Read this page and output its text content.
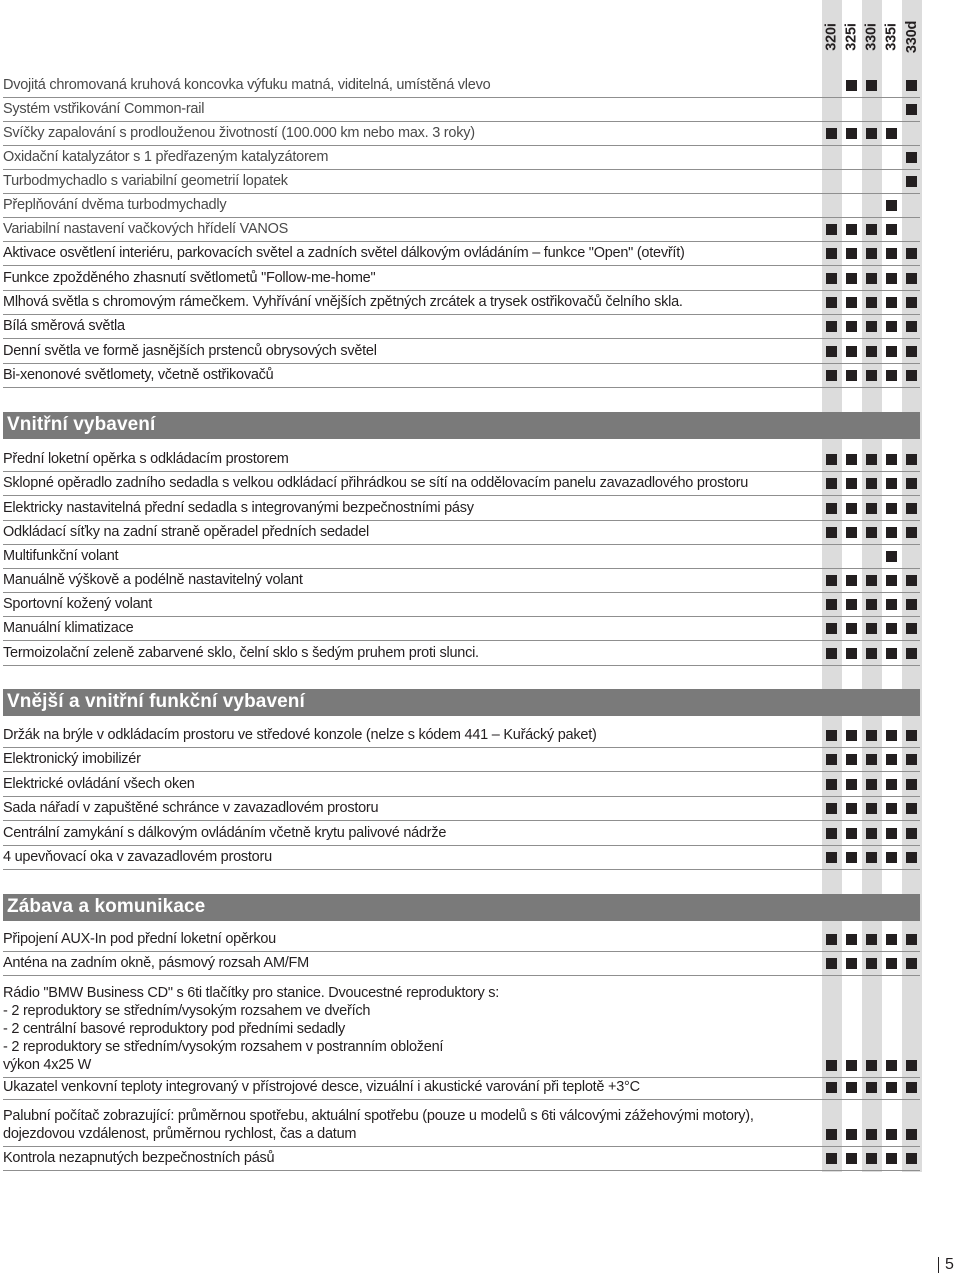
320i 325i 330i 335i 330d
Dvojitá chromovaná kruhová koncovka výfuku matná, viditelná, umístěná vlevo
Systém vstřikování Common-rail
Svíčky zapalování s prodlouženou životností (100.000 km nebo max. 3 roky)
Oxidační katalyzátor s 1 předřazeným katalyzátorem
Turbodmychadlo s variabilní geometrií lopatek
Přeplňování dvěma turbodmychadly
Variabilní nastavení vačkových hřídelí VANOS
Aktivace osvětlení interiéru, parkovacích světel a zadních světel dálkovým ovládáním – funkce "Open" (otevřít)
Funkce zpožděného zhasnutí světlometů "Follow-me-home"
Mlhová světla s chromovým rámečkem. Vyhřívání vnějších zpětných zrcátek a trysek ostřikovačů čelního skla.
Bílá směrová světla
Denní světla ve formě jasnějších prstenců obrysových světel
Bi-xenonové světlomety, včetně ostřikovačů
Vnitřní vybavení
Přední loketní opěrka s odkládacím prostorem
Sklopné opěradlo zadního sedadla s velkou odkládací přihrádkou se sítí na oddělovacím panelu zavazadlového prostoru
Elektricky nastavitelná přední sedadla s integrovanými bezpečnostními pásy
Odkládací síťky na zadní straně opěradel předních sedadel
Multifunkční volant
Manuálně výškově a podélně nastavitelný volant
Sportovní kožený volant
Manuální klimatizace
Termoizolační zeleně zabarvené sklo, čelní sklo s šedým pruhem proti slunci.
Vnější a vnitřní funkční vybavení
Držák na brýle v odkládacím prostoru ve středové konzole (nelze s kódem 441 – Kuřácký paket)
Elektronický imobilizér
Elektrické ovládání všech oken
Sada nářadí v zapuštěné schránce v zavazadlovém prostoru
Centrální zamykání s dálkovým ovládáním včetně krytu palivové nádrže
4 upevňovací oka v zavazadlovém prostoru
Zábava a komunikace
Připojení AUX-In pod přední loketní opěrkou
Anténa na zadním okně, pásmový rozsah AM/FM
Rádio "BMW Business CD" s 6ti tlačítky pro stanice. Dvoucestné reproduktory s:
- 2 reproduktory se středním/vysokým rozsahem ve dveřích
- 2 centrální basové reproduktory pod předními sedadly
- 2 reproduktory se středním/vysokým rozsahem v postranním obložení
výkon 4x25 W
Ukazatel venkovní teploty integrovaný v přístrojové desce, vizuální i akustické varování při teplotě +3°C
Palubní počítač zobrazující: průměrnou spotřebu, aktuální spotřebu (pouze u modelů s 6ti válcovými zážehovými motory),
dojezdovou vzdálenost, průměrnou rychlost, čas a datum
Kontrola nezapnutých bezpečnostních pásů
5
